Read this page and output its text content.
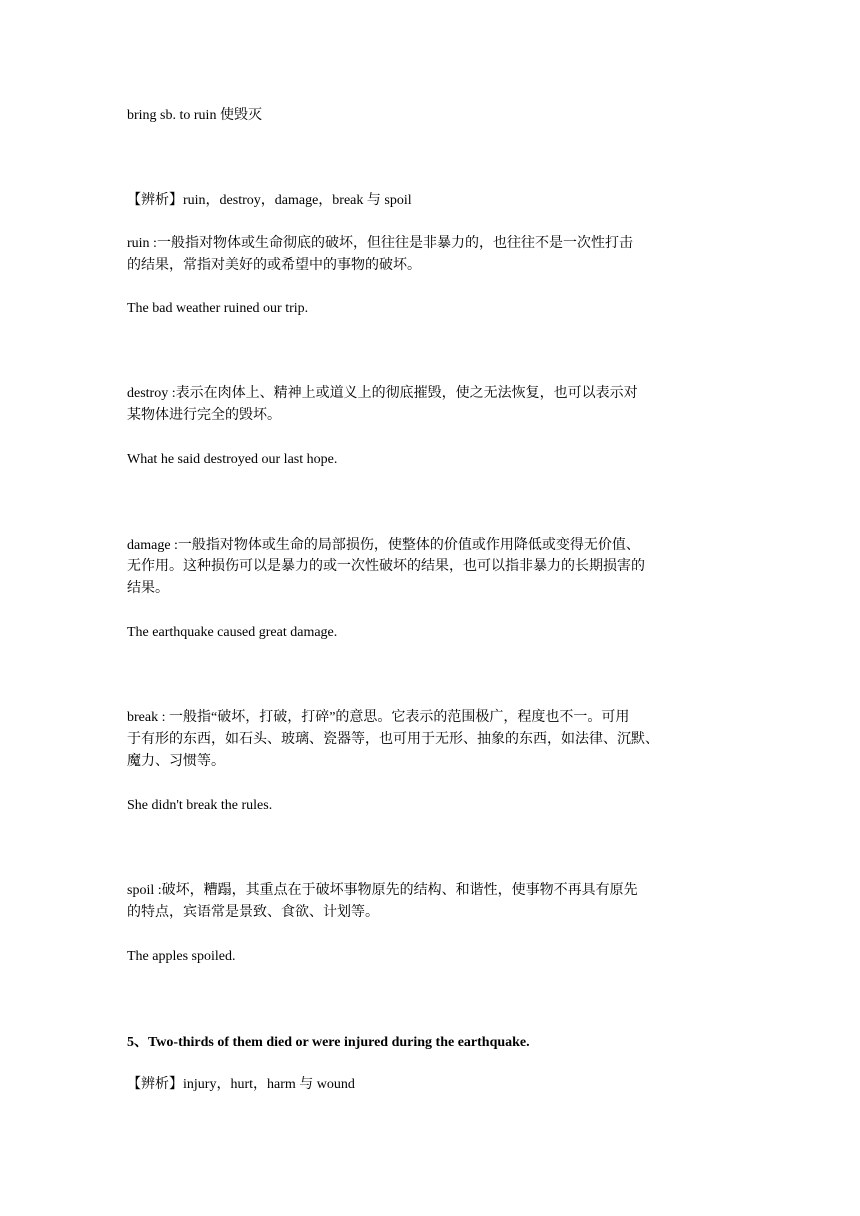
bring sb. to ruin 使毁灭
【辨析】ruin，destroy，damage，break 与 spoil
ruin :一般指对物体或生命彻底的破坏，但往往是非暴力的，也往往不是一次性打击
的结果，常指对美好的或希望中的事物的破坏。
The bad weather ruined our trip.
destroy :表示在肉体上、精神上或道义上的彻底摧毁，使之无法恢复，也可以表示对
某物体进行完全的毁坏。
What he said destroyed our last hope.
damage :一般指对物体或生命的局部损伤，使整体的价值或作用降低或变得无价值、
无作用。这种损伤可以是暴力的或一次性破坏的结果，也可以指非暴力的长期损害的
结果。
The earthquake caused great damage.
break : 一般指“破坏，打破，打碎”的意思。它表示的范围极广，程度也不一。可用
于有形的东西，如石头、玻璃、瓷器等，也可用于无形、抽象的东西，如法律、沉默、
魔力、习惯等。
She didn't break the rules.
spoil :破坏，糟蹋，其重点在于破坏事物原先的结构、和谐性，使事物不再具有原先
的特点，宾语常是景致、食欲、计划等。
The apples spoiled.
5、Two-thirds of them died or were injured during the earthquake.
【辨析】injury，hurt，harm 与 wound
